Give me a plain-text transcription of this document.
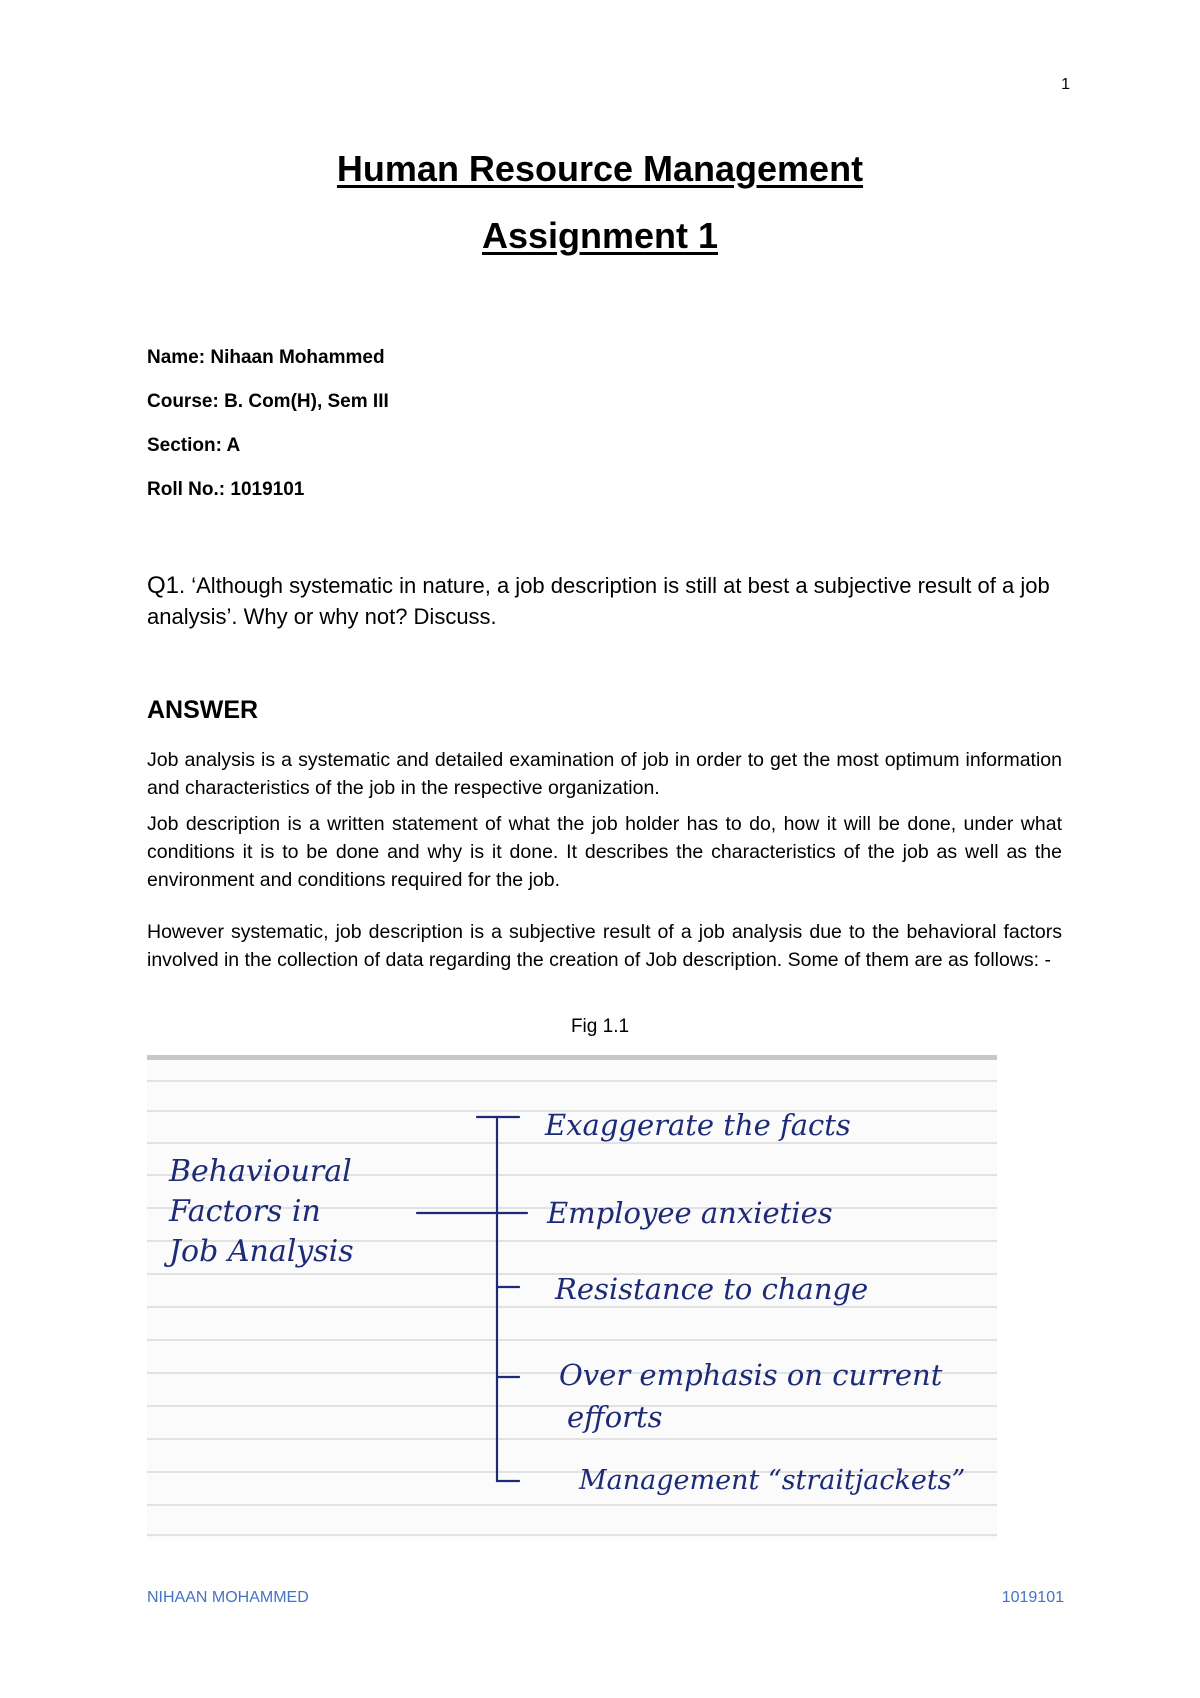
1
Human Resource Management
Assignment 1
Name: Nihaan Mohammed
Course: B. Com(H), Sem III
Section: A
Roll No.: 1019101
Q1. ‘Although systematic in nature, a job description is still at best a subjective result of a job analysis’. Why or why not? Discuss.
ANSWER
Job analysis is a systematic and detailed examination of job in order to get the most optimum information and characteristics of the job in the respective organization.
Job description is a written statement of what the job holder has to do, how it will be done, under what conditions it is to be done and why is it done. It describes the characteristics of the job as well as the environment and conditions required for the job.
However systematic, job description is a subjective result of a job analysis due to the behavioral factors involved in the collection of data regarding the creation of Job description. Some of them are as follows: -
Fig 1.1
Behavioural
Factors in
Job Analysis
Exaggerate the facts
Employee anxieties
Resistance to change
Over emphasis on current
efforts
Management “straitjackets”
NIHAAN MOHAMMED	1019101
